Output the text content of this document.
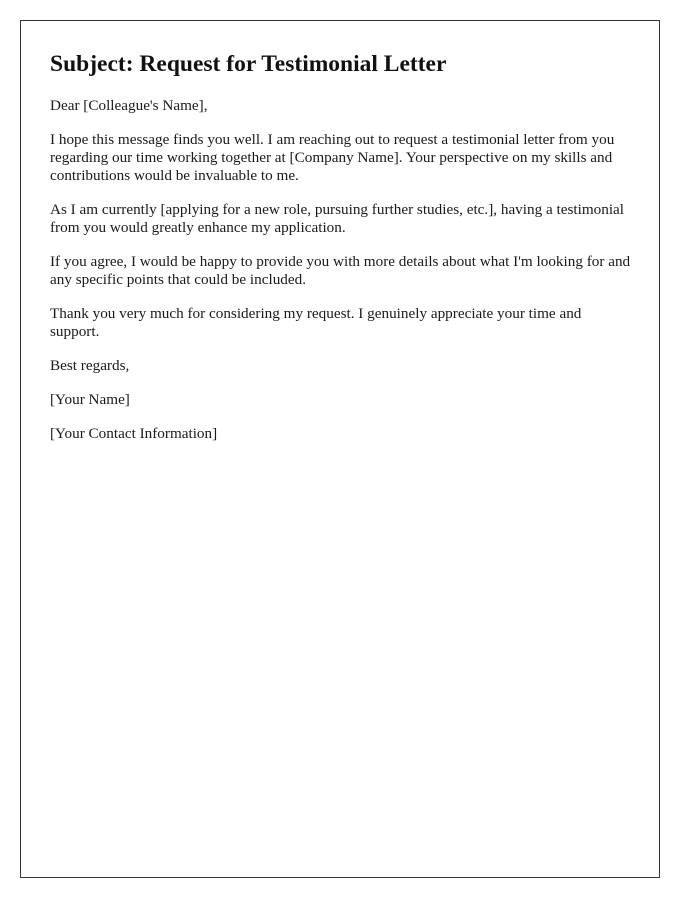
Subject: Request for Testimonial Letter

Dear [Colleague's Name],

I hope this message finds you well. I am reaching out to request a testimonial letter from you regarding our time working together at [Company Name]. Your perspective on my skills and contributions would be invaluable to me.

As I am currently [applying for a new role, pursuing further studies, etc.], having a testimonial from you would greatly enhance my application.

If you agree, I would be happy to provide you with more details about what I'm looking for and any specific points that could be included.

Thank you very much for considering my request. I genuinely appreciate your time and support.

Best regards,

[Your Name]

[Your Contact Information]
